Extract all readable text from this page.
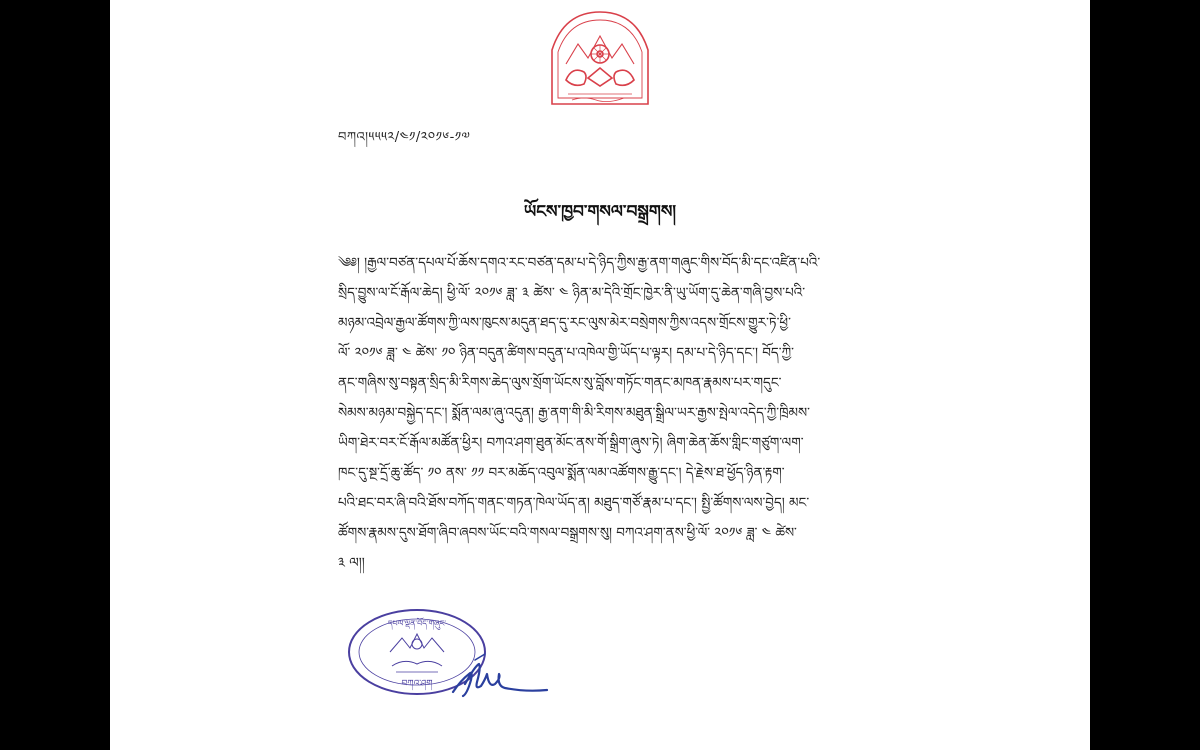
བཀའ།༥༥༥༢/༤༡/༢༠༡༦-༡༧
ཡོངས་ཁྱབ་གསལ་བསྒྲགས།
༄༅། །རྒྱལ་བཙན་དཔལ་པོ་ཆོས་དགའ་རང་བཙན་དམ་པ་དེ་ཉིད་ཀྱིས་རྒྱ་ནག་གཞུང་གིས་བོད་མི་དང་འཛིན་པའི་
སྲིད་བྱུས་ལ་ངོ་རྒོལ་ཆེད། ཕྱི་ལོ་ ༢༠༡༦ ཟླ་ ༣ ཚེས་ ༤ ཉིན་མ་དེའི་གྲོང་ཁྱེར་ནི་ཡུ་ཡོག་དུ་ཆེན་གཞི་བྱས་པའི་
མཉམ་འབྲེལ་རྒྱལ་ཚོགས་ཀྱི་ལས་ཁུངས་མདུན་ཐད་དུ་རང་ལུས་མེར་བསྲེགས་ཀྱིས་འདས་གྲོངས་གྱུར་ཏེ་ཕྱི་
ལོ་ ༢༠༡༦ ཟླ་ ༤ ཚེས་ ༡༠ ཉིན་བདུན་ཚིགས་བདུན་པ་འཁེལ་གྱི་ཡོད་པ་ལྟར། དམ་པ་དེ་ཉིད་དང་། བོད་ཀྱི་
ནང་གཞིས་སུ་བསྟན་སྲིད་མི་རིགས་ཆེད་ལུས་སྲོག་ཡོངས་སུ་བློས་གཏོང་གནང་མཁན་རྣམས་པར་གདུང་
སེམས་མཉམ་བསྐྱེད་དང་། སྨོན་ལམ་ཞུ་འདུན། རྒྱ་ནག་གི་མི་རིགས་མཐུན་སྒྲིལ་ཡར་རྒྱས་སྤེལ་འདེད་ཀྱི་ཁྲིམས་
ཡིག་ཐེར་བར་ངོ་རྒོལ་མཚོན་ཕྱིར། བཀའ་ཤག་ཐུན་མོང་ནས་གོ་སྒྲིག་ཞུས་ཏེ། ཞིག་ཆེན་ཆོས་གླིང་གཙུག་ལག་
ཁང་དུ་སྔ་དྲོ་ཆུ་ཚོད་ ༡༠ ནས་ ༡༡ བར་མཆོད་འབུལ་སྨོན་ལམ་འཚོགས་རྒྱུ་དང་། དེ་རྗེས་ཐ་ཕྱོད་ཉིན་རྟག་
པའི་ཐང་བར་ཞི་བའི་ཐོས་བཀོད་གནང་གཏན་ཁེལ་ཡོད་ན། མཐུད་གཙོ་རྣམ་པ་དང་། སྤྱི་ཚོགས་ལས་བྱེད། མང་
ཚོགས་རྣམས་དུས་ཐོག་ཞིབ་ཞབས་ཡོང་བའི་གསལ་བསྒྲགས་སུ། བཀའ་ཤག་ནས་ཕྱི་ལོ་ ༢༠༡༦ ཟླ་ ༤ ཚེས་
༣ ལ།།
དཔལ་ལྡན་བོད་གཞུང་
བཀའ་ཤག
